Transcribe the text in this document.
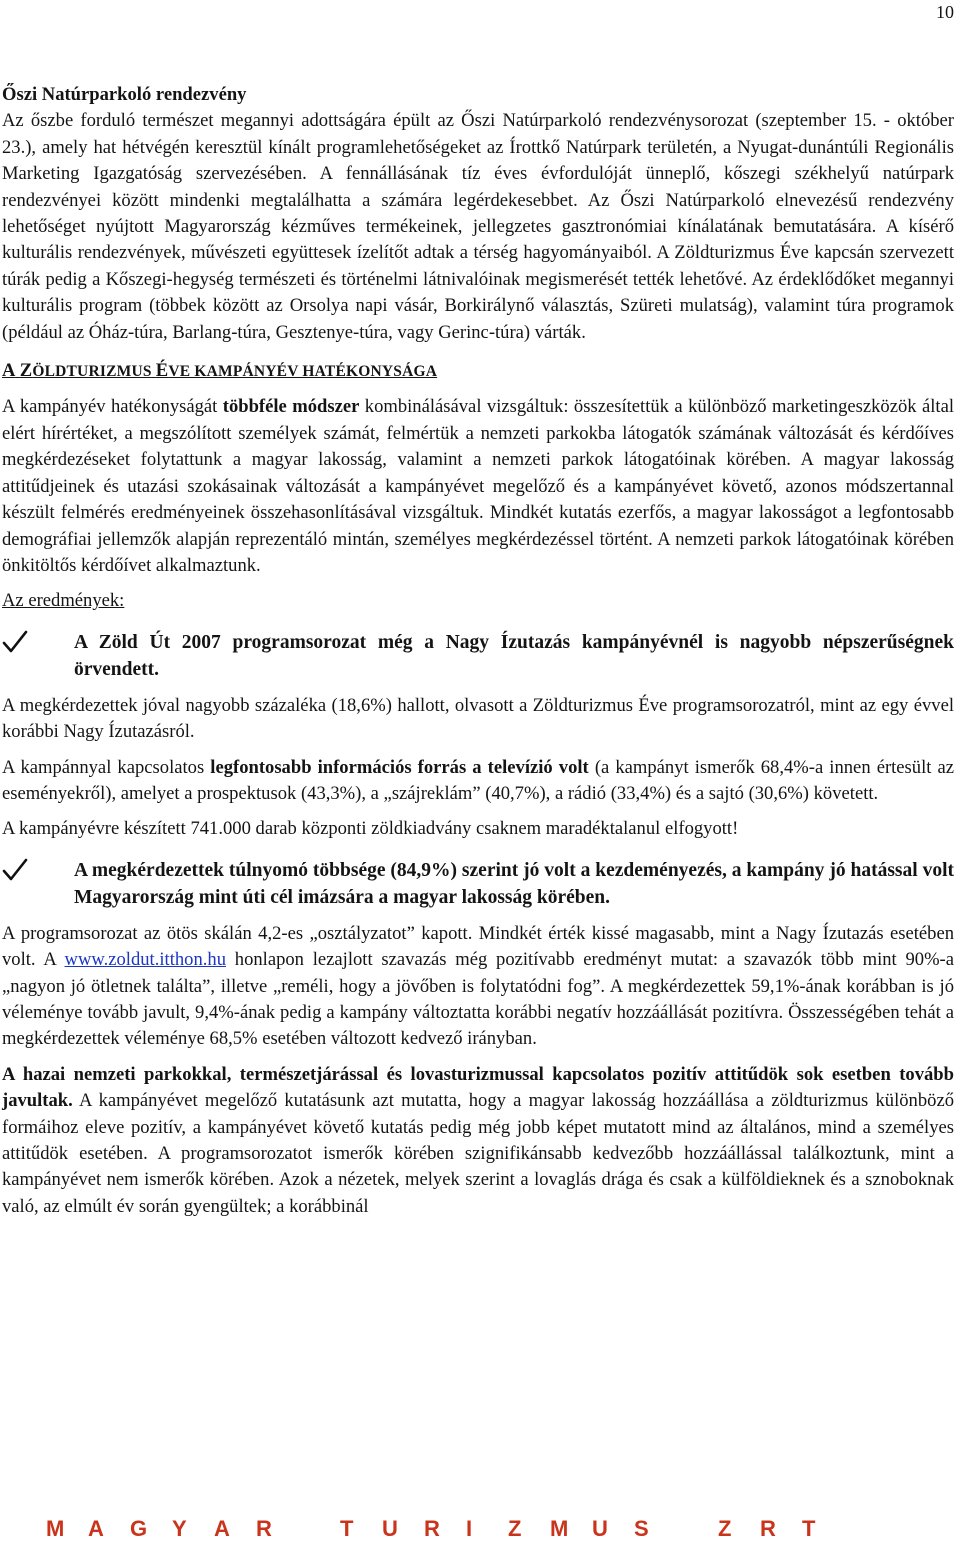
10

Őszi Natúrparkoló rendezvény

Az őszbe forduló természet megannyi adottságára épült az Őszi Natúrparkoló rendezvénysorozat (szeptember 15. - október 23.), amely hat hétvégén keresztül kínált programlehetőségeket az Írottkő Natúrpark területén, a Nyugat-dunántúli Regionális Marketing Igazgatóság szervezésében. A fennállásának tíz éves évfordulóját ünneplő, kőszegi székhelyű natúrpark rendezvényei között mindenki megtalálhatta a számára legérdekesebbet. Az Őszi Natúrparkoló elnevezésű rendezvény lehetőséget nyújtott Magyarország kézműves termékeinek, jellegzetes gasztronómiai kínálatának bemutatására. A kísérő kulturális rendezvények, művészeti együttesek ízelítőt adtak a térség hagyományaiból. A Zöldturizmus Éve kapcsán szervezett túrák pedig a Kőszegi-hegység természeti és történelmi látnivalóinak megismerését tették lehetővé. Az érdeklődőket megannyi kulturális program (többek között az Orsolya napi vásár, Borkirálynő választás, Szüreti mulatság), valamint túra programok (például az Óház-túra, Barlang-túra, Gesztenye-túra, vagy Gerinc-túra) várták.

A ZÖLDTURIZMUS ÉVE KAMPÁNYÉV HATÉKONYSÁGA

A kampányév hatékonyságát többféle módszer kombinálásával vizsgáltuk: összesítettük a különböző marketingeszközök által elért hírértéket, a megszólított személyek számát, felmértük a nemzeti parkokba látogatók számának változását és kérdőíves megkérdezéseket folytattunk a magyar lakosság, valamint a nemzeti parkok látogatóinak körében. A magyar lakosság attitűdjeinek és utazási szokásainak változását a kampányévet megelőző és a kampányévet követő, azonos módszertannal készült felmérés eredményeinek összehasonlításával vizsgáltuk. Mindkét kutatás ezerfős, a magyar lakosságot a legfontosabb demográfiai jellemzők alapján reprezentáló mintán, személyes megkérdezéssel történt. A nemzeti parkok látogatóinak körében önkitöltős kérdőívet alkalmaztunk.

Az eredmények:

A Zöld Út 2007 programsorozat még a Nagy Ízutazás kampányévnél is nagyobb népszerűségnek örvendett.

A megkérdezettek jóval nagyobb százaléka (18,6%) hallott, olvasott a Zöldturizmus Éve programsorozatról, mint az egy évvel korábbi Nagy Ízutazásról.

A kampánnyal kapcsolatos legfontosabb információs forrás a televízió volt (a kampányt ismerők 68,4%-a innen értesült az eseményekről), amelyet a prospektusok (43,3%), a „szájreklám” (40,7%), a rádió (33,4%) és a sajtó (30,6%) követett.

A kampányévre készített 741.000 darab központi zöldkiadvány csaknem maradéktalanul elfogyott!

A megkérdezettek túlnyomó többsége (84,9%) szerint jó volt a kezdeményezés, a kampány jó hatással volt Magyarország mint úti cél imázsára a magyar lakosság körében.

A programsorozat az ötös skálán 4,2-es „osztályzatot” kapott. Mindkét érték kissé magasabb, mint a Nagy Ízutazás esetében volt. A www.zoldut.itthon.hu honlapon lezajlott szavazás még pozitívabb eredményt mutat: a szavazók több mint 90%-a „nagyon jó ötletnek találta”, illetve „reméli, hogy a jövőben is folytatódni fog”. A megkérdezettek 59,1%-ának korábban is jó véleménye tovább javult, 9,4%-ának pedig a kampány változtatta korábbi negatív hozzáállását pozitívra. Összességében tehát a megkérdezettek véleménye 68,5% esetében változott kedvező irányban.

A hazai nemzeti parkokkal, természetjárással és lovasturizmussal kapcsolatos pozitív attitűdök sok esetben tovább javultak. A kampányévet megelőző kutatásunk azt mutatta, hogy a magyar lakosság hozzáállása a zöldturizmus különböző formáihoz eleve pozitív, a kampányévet követő kutatás pedig még jobb képet mutatott mind az általános, mind a személyes attitűdök esetében. A programsorozatot ismerők körében szignifikánsabb kedvezőbb hozzáállással találkoztunk, mint a kampányévet nem ismerők körében. Azok a nézetek, melyek szerint a lovaglás drága és csak a külföldieknek és a sznoboknak való, az elmúlt év során gyengültek; a korábbinál

M	A	G	Y	A	R	T	U	R	I	Z	M	U	S	Z	R	T
